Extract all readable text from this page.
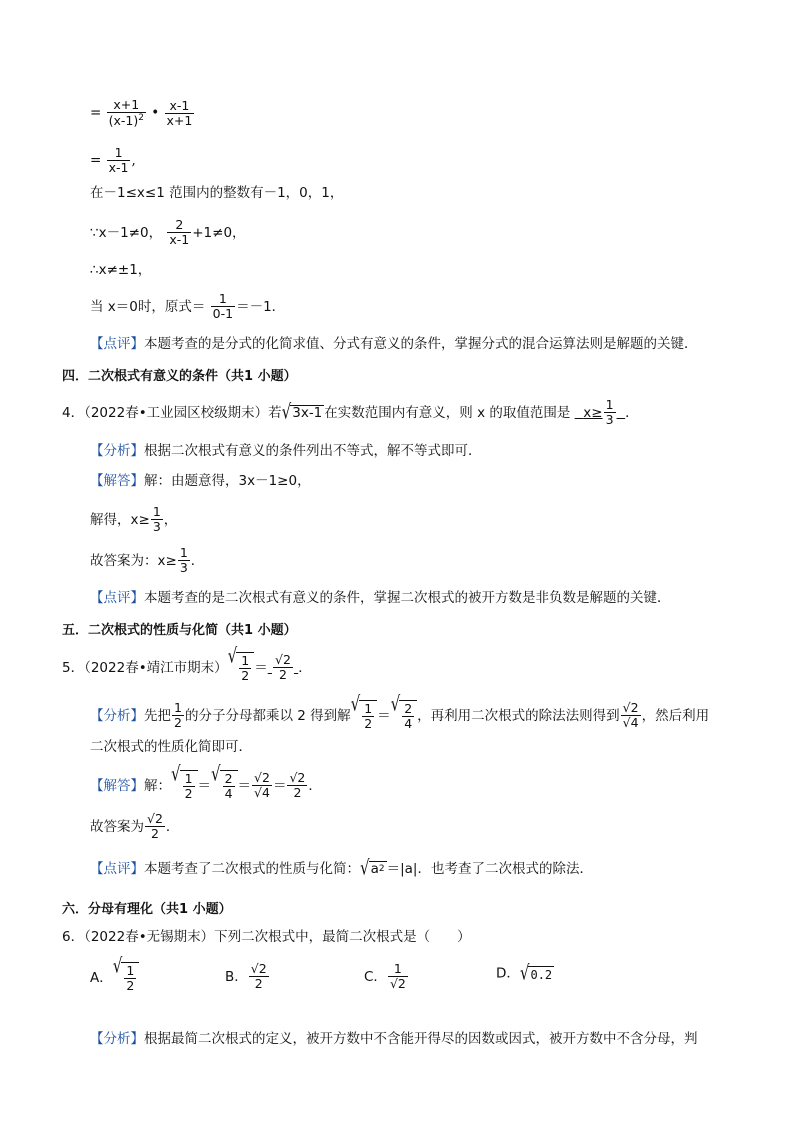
= $\frac{x+1}{(x-1)^2}$ • $\frac{x-1}{x+1}$
= $\frac{1}{x-1}$ ,
在－1≤x≤1 范围内的整数有－1，0，1，
∵x－1≠0， $\frac{2}{x-1} +1\ne 0$，
∴x≠±1，
当 x＝0时，原式＝ $\frac{1}{0-1} =-1$．
【点评】本题考查的是分式的化简求值、分式有意义的条件，掌握分式的混合运算法则是解题的关键．
四．二次根式有意义的条件（共1 小题）
4．（2022春•工业园区校级期末）若 √ 3x-1 在实数范围内有意义，则 x 的取值范围是 $x\ge \frac{1}{3}$ ．
【分析】根据二次根式有意义的条件列出不等式，解不等式即可．
【解答】解：由题意得，3x－1≥0，
解得，$x\ge \frac{1}{3}$ ，
故答案为：$x\ge \frac{1}{3}$ ．
【点评】本题考查的是二次根式有意义的条件，掌握二次根式的被开方数是非负数是解题的关键．
五．二次根式的性质与化简（共1 小题）
5．（2022春•靖江市期末） √ $\frac{1}{2} = \frac{√2}{2}$ ．
【分析】先把 $\frac{1}{2}$ 的分子分母都乘以 2 得到解 √ $\frac{1}{2}$ ＝ √ $\frac{2}{4}$ ，再利用二次根式的除法法则得到 $\frac{√2}{√4}$ ，然后利用
二次根式的性质化简即可．
【解答】解： √ $\frac{1}{2}$ ＝ √ $\frac{2}{4} = \frac{√2}{√4} = \frac{√2}{2}$ ．
故答案为 $\frac{√2}{2}$ ．
【点评】本题考查了二次根式的性质与化简： √ a 2 ＝|a|．也考查了二次根式的除法．
六．分母有理化（共1 小题）
6．（2022春•无锡期末）下列二次根式中，最简二次根式是（　　）
A． √ $\frac{1}{2}$	B． $\frac{√2}{2}$	C． $\frac{1}{√2}$	D． √ 0.2
【分析】根据最简二次根式的定义，被开方数中不含能开得尽的因数或因式，被开方数中不含分母，判
